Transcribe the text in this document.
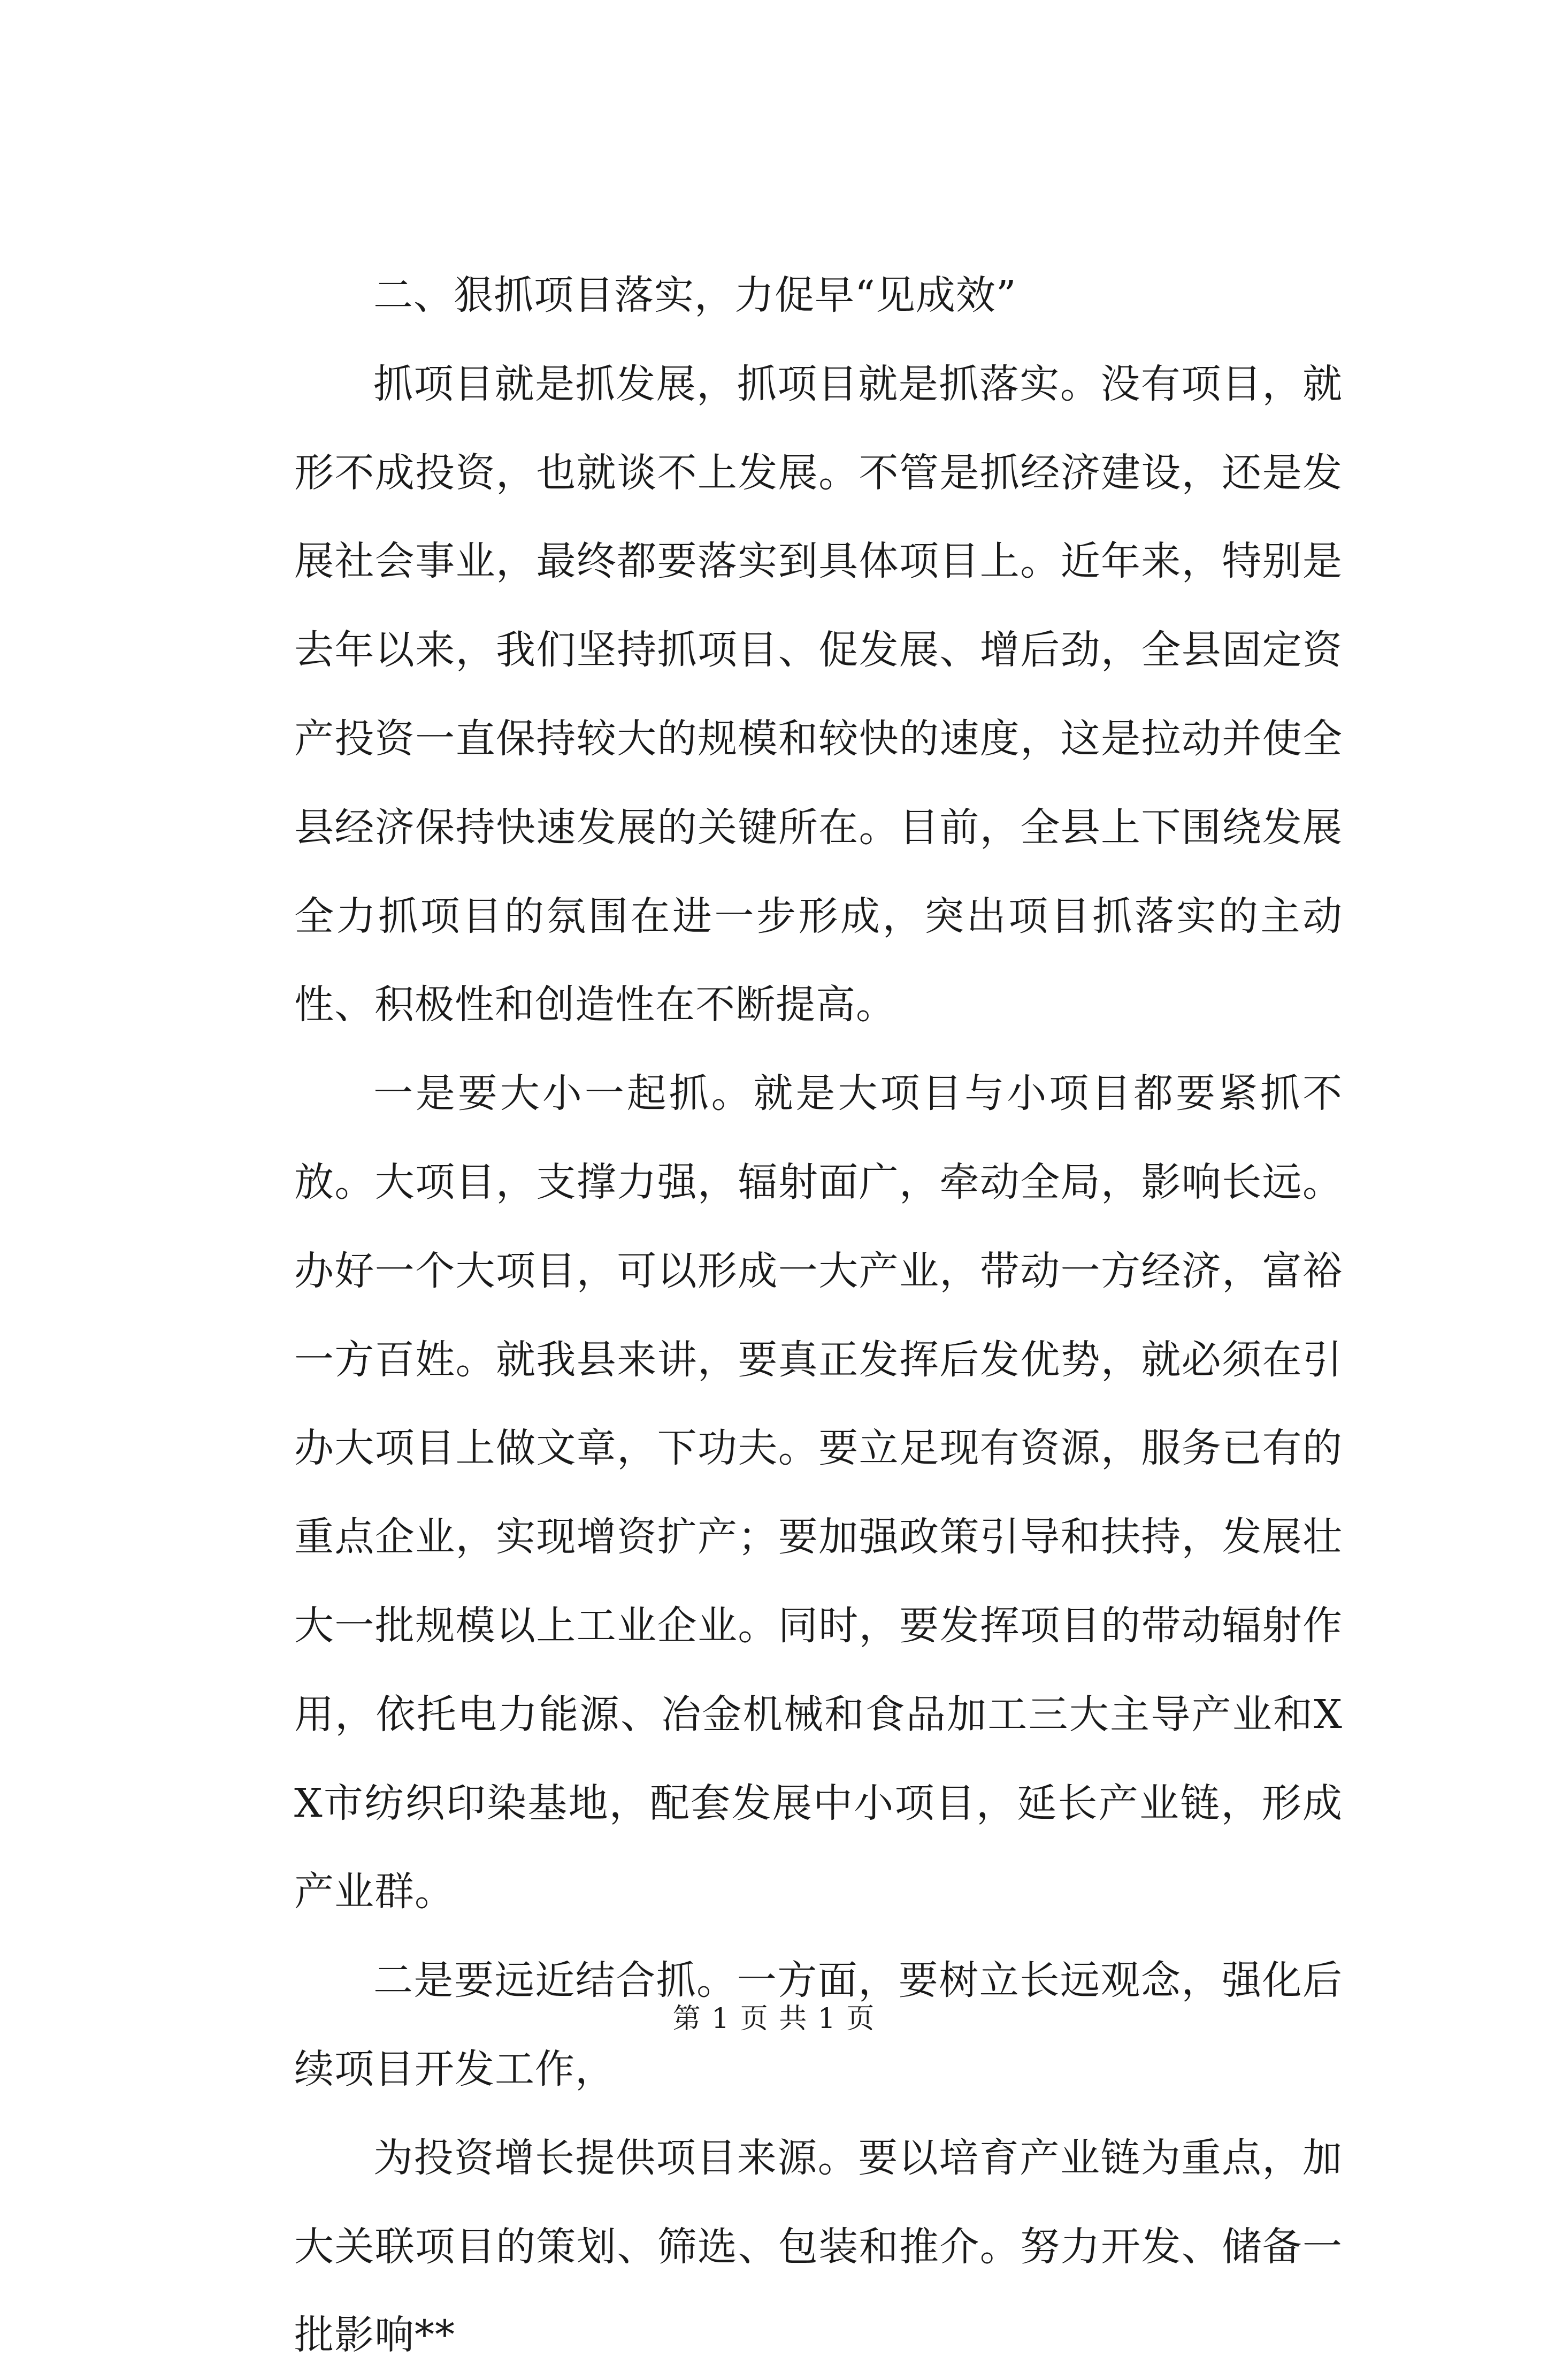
二、狠抓项目落实，力促早“见成效”

抓项目就是抓发展，抓项目就是抓落实。没有项目，就形不成投资，也就谈不上发展。不管是抓经济建设，还是发展社会事业，最终都要落实到具体项目上。近年来，特别是去年以来，我们坚持抓项目、促发展、增后劲，全县固定资产投资一直保持较大的规模和较快的速度，这是拉动并使全县经济保持快速发展的关键所在。目前，全县上下围绕发展全力抓项目的氛围在进一步形成，突出项目抓落实的主动性、积极性和创造性在不断提高。

一是要大小一起抓。就是大项目与小项目都要紧抓不放。大项目，支撑力强，辐射面广，牵动全局，影响长远。办好一个大项目，可以形成一大产业，带动一方经济，富裕一方百姓。就我县来讲，要真正发挥后发优势，就必须在引办大项目上做文章，下功夫。要立足现有资源，服务已有的重点企业，实现增资扩产；要加强政策引导和扶持，发展壮大一批规模以上工业企业。同时，要发挥项目的带动辐射作用，依托电力能源、冶金机械和食品加工三大主导产业和XX市纺织印染基地，配套发展中小项目，延长产业链，形成产业群。

二是要远近结合抓。一方面，要树立长远观念，强化后续项目开发工作，

为投资增长提供项目来源。要以培育产业链为重点，加大关联项目的策划、筛选、包装和推介。努力开发、储备一批影响**

第 1 页 共 1 页
